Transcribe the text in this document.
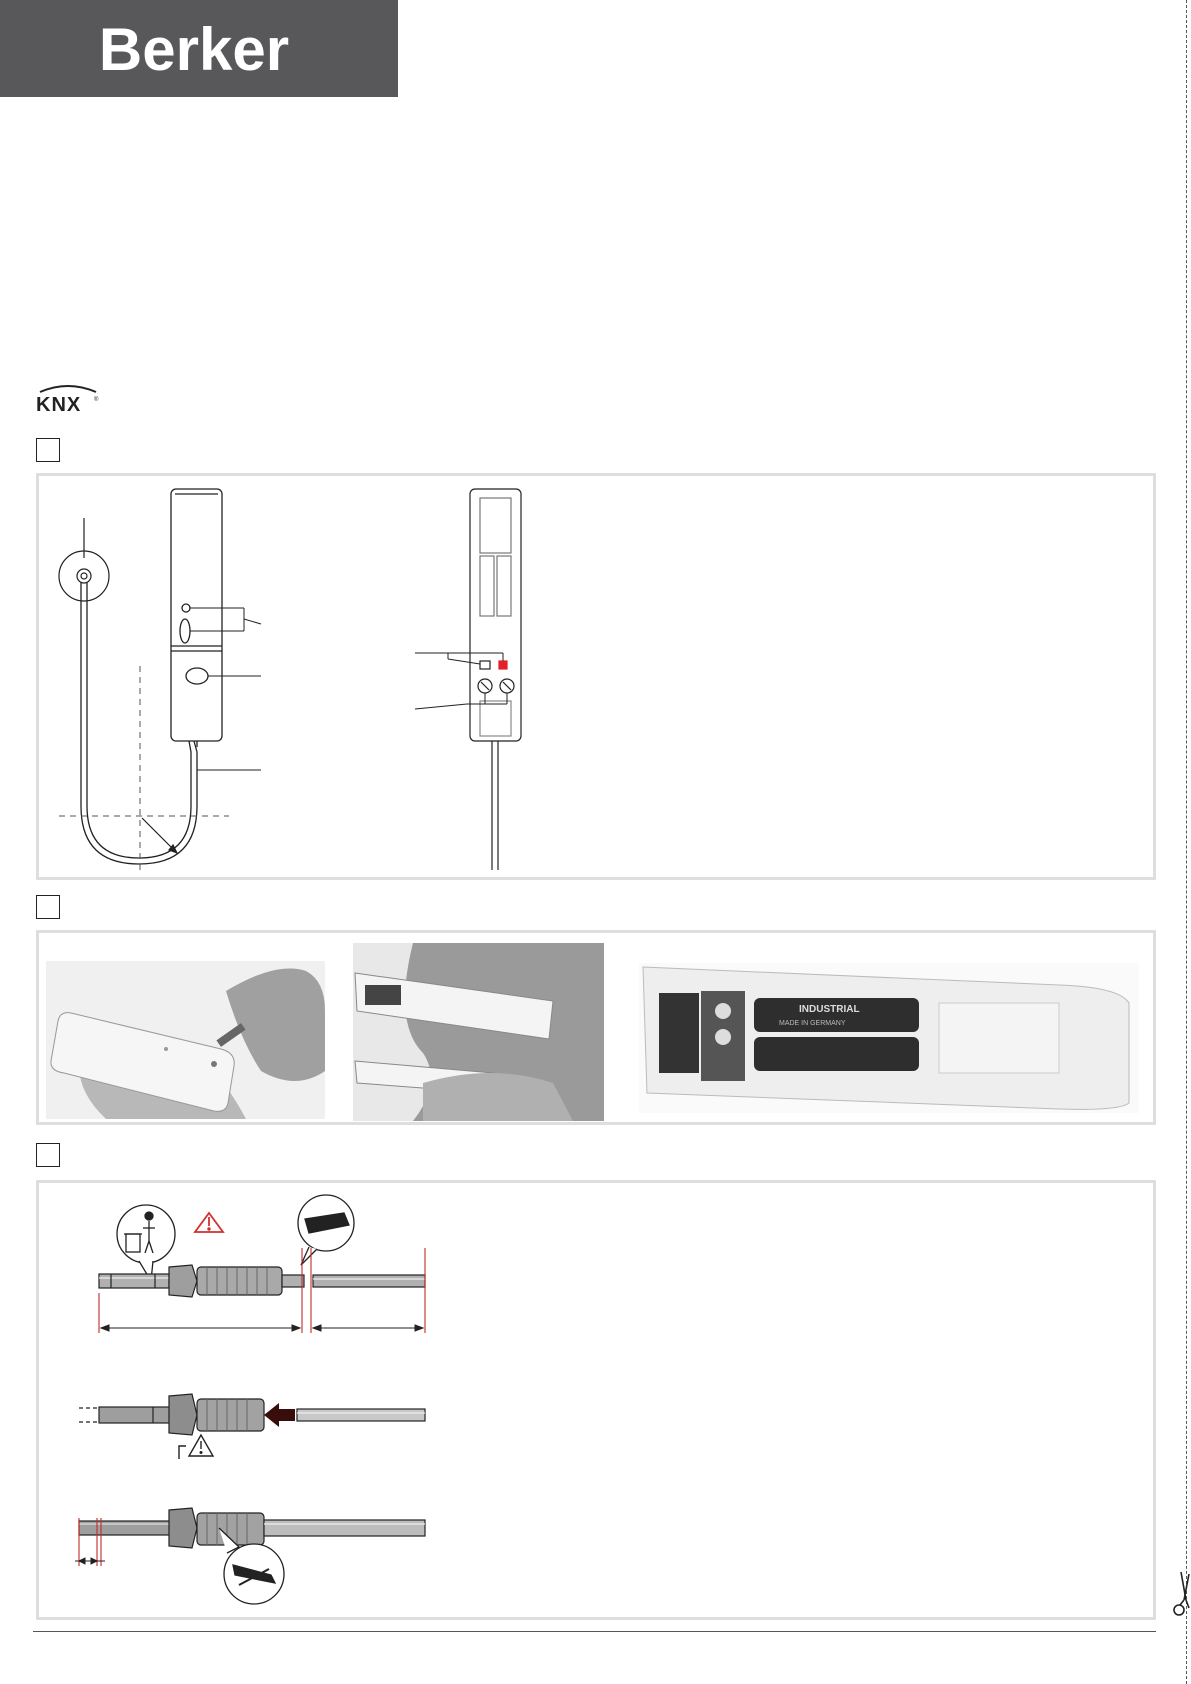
Berker
KNX ®
INDUSTRIAL
MADE IN GERMANY
